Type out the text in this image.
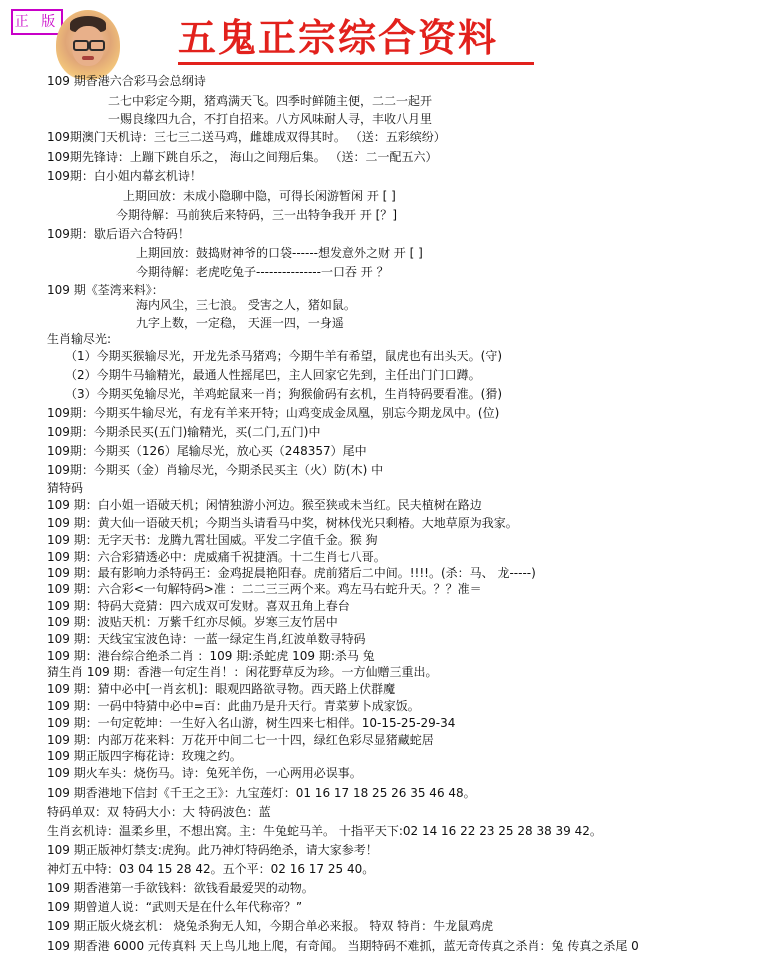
正 版	五鬼正宗综合资料
109 期香港六合彩马会总纲诗
二七中彩定今期，猪鸡满天飞。四季时鲜随主便，二二一起开
一赐良缘四九合，不打自招来。八方风味耐人寻，丰收八月里
109期澳门天机诗：三七三二送马鸡，雌雄成双得其时。 （送：五彩缤纷）
109期先锋诗：上蹦下跳自乐之， 海山之间翔后集。 （送：二一配五六）
109期：白小姐内幕玄机诗！
上期回放：未成小隐聊中隐，可得长闲游暂闲 开 [ ]
今期待解：马前狭后来特码，三一出特争我开 开 [？]
109期：歇后语六合特码！
上期回放：鼓捣财神爷的口袋------想发意外之财 开 [ ]
今期待解：老虎吃兔子---------------一口吞 开 ？
109 期《荃湾来料》：
海内风尘，三七浪。 受害之人，猪如鼠。
九字上数，一定稳， 天涯一四，一身遥
生肖输尽光:
（1）今期买猴输尽光，开龙先杀马猪鸡；今期牛羊有希望，鼠虎也有出头天。(守)
（2）今期牛马输精光，最通人性摇尾巴，主人回家它先到，主任出门门口蹲。
（3）今期买兔输尽光，羊鸡蛇鼠来一肖；狗猴偷码有玄机，生肖特码要看准。(猾)
109期：今期买牛输尽光，有龙有羊来开特；山鸡变成金凤凰，别忘今期龙凤中。(位)
109期：今期杀民买(五门)输精光，买(二门,五门)中
109期：今期买（126）尾输尽光，放心买（248357）尾中
109期：今期买（金）肖输尽光，今期杀民买主（火）防(木) 中
猜特码
109 期：白小姐一语破天机；闲情独游小河边。猴至狭或未当红。民夫植树在路边
109 期：黄大仙一语破天机；今期当头请看马中奖，树林伐光只剩椿。大地草原为我家。
109 期：无字天书：龙腾九霄壮国威。平发二字值千金。猴 狗
109 期：六合彩猜透必中：虎威痛千祝捷酒。十二生肖七八哥。
109 期：最有影响力杀特码王：金鸡捉晨艳阳春。虎前猪后二中间。!!!!。(杀：马、 龙-----)
109 期：六合彩<一句解特码>准 ：二二三三两个来。鸡左马右蛇升天。？？准＝
109 期：特码大竞猜：四六成双可发财。喜双丑角上春台
109 期：波贴天机：万紫千红亦尽倾。岁寒三友竹居中
109 期：天线宝宝波色诗：一蓝一绿定生肖,红波单数寻特码
109 期：港台综合绝杀二肖 ：109 期:杀蛇虎 109 期:杀马 兔
猜生肖 109 期：香港一句定生肖！：闲花野草反为珍。一方仙赠三重出。
109 期：猜中必中[一肖玄机]：眼观四路欲寻物。西天路上伏群魔
109 期：一码中特猜中必中=百：此曲乃是升天行。青菜萝卜成家饭。
109 期：一句定乾坤：一生好入名山游，树生四来七相伴。10-15-25-29-34
109 期：内部万花来料：万花开中间二七一十四，绿红色彩尽显猪藏蛇居
109 期正版四字梅花诗：玫瑰之约。
109 期火车头：烧伤马。诗：兔死羊伤，一心两用必误事。
109 期香港地下信封《千王之王》：九宝莲灯：01 16 17 18 25 26 35 46 48。
特码单双：双 特码大小：大 特码波色：蓝
生肖玄机诗：温柔乡里，不想出窝。主：牛兔蛇马羊。 十指平天下:02 14 16 22 23 25 28 38 39 42。
109 期正版神灯禁支:虎狗。此乃神灯特码绝杀，请大家参考！
神灯五中特：03 04 15 28 42。五个平：02 16 17 25 40。
109 期香港第一手欲钱料：欲钱看最爱哭的动物。
109 期曾道人说：“武则天是在什么年代称帝？”
109 期正版火烧玄机： 烧兔杀狗无人知，今期合单必来报。 特双 特肖：牛龙鼠鸡虎
109 期香港 6000 元传真料 天上鸟儿地上爬，有奇闻。 当期特码不难抓，蓝无奇传真之杀肖：兔 传真之杀尾 0
